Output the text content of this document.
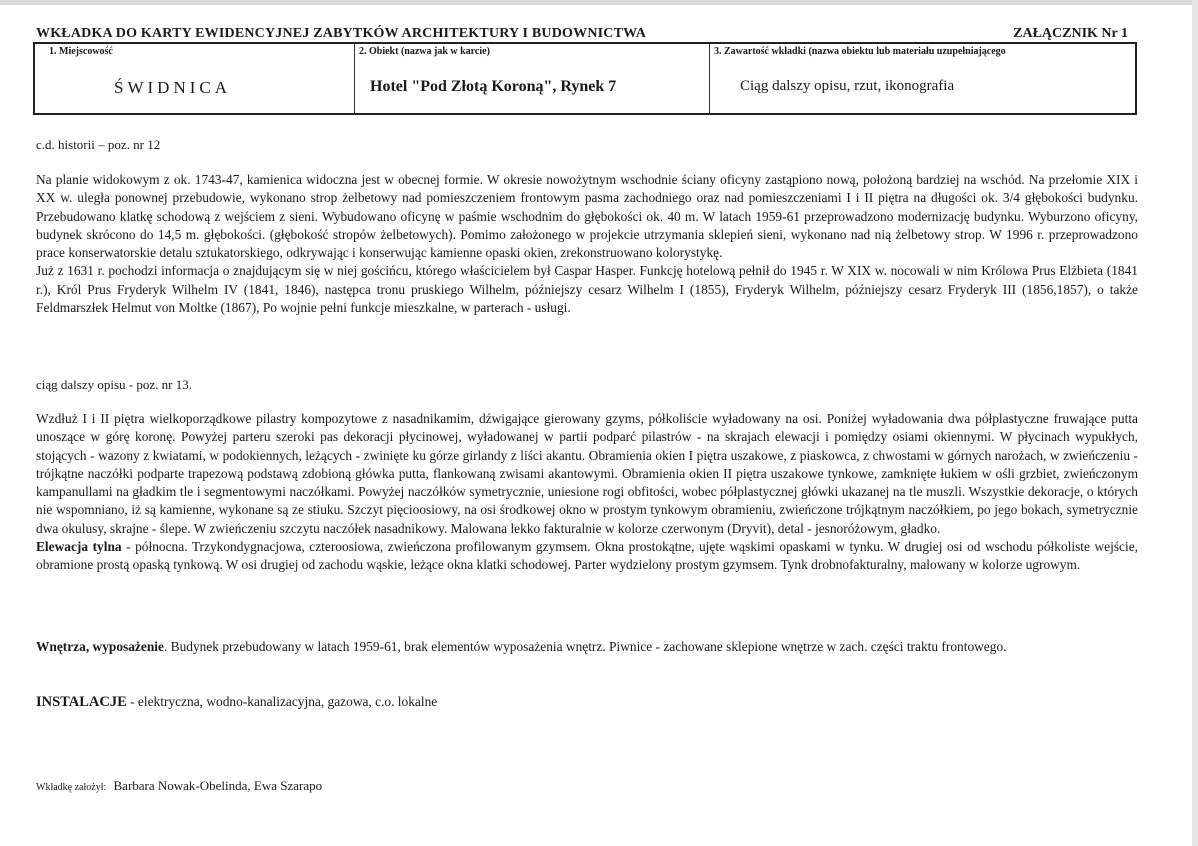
WKŁADKA DO KARTY EWIDENCYJNEJ ZABYTKÓW ARCHITEKTURY I BUDOWNICTWA	ZAŁĄCZNIK Nr 1
1. Miejscowość
ŚWIDNICA
2. Obiekt (nazwa jak w karcie)
Hotel "Pod Złotą Koroną", Rynek 7
3. Zawartość wkładki (nazwa obiektu lub materiału uzupełniającego
Ciąg dalszy opisu, rzut, ikonografia
c.d. historii – poz. nr 12
Na planie widokowym z ok. 1743-47, kamienica widoczna jest w obecnej formie. W okresie nowożytnym wschodnie ściany oficyny zastąpiono nową, położoną bardziej na wschód. Na przełomie XIX i XX w. uległa ponownej przebudowie, wykonano strop żelbetowy nad pomieszczeniem frontowym pasma zachodniego oraz nad pomieszczeniami I i II piętra na długości ok. 3/4 głębokości budynku. Przebudowano klatkę schodową z wejściem z sieni. Wybudowano oficynę w paśmie wschodnim do głębokości ok. 40 m. W latach 1959-61 przeprowadzono modernizację budynku. Wyburzono oficyny, budynek skrócono do 14,5 m. głębokości. (głębokość stropów żelbetowych). Pomimo założonego w projekcie utrzymania sklepień sieni, wykonano nad nią żelbetowy strop. W 1996 r. przeprowadzono prace konserwatorskie detalu sztukatorskiego, odkrywając i konserwując kamienne opaski okien, zrekonstruowano kolorystykę.
Już z 1631 r. pochodzi informacja o znajdującym się w niej gościńcu, którego właścicielem był Caspar Hasper. Funkcję hotelową pełnił do 1945 r. W XIX w. nocowali w nim Królowa Prus Elżbieta (1841 r.), Król Prus Fryderyk Wilhelm IV (1841, 1846), następca tronu pruskiego Wilhelm, późniejszy cesarz Wilhelm I (1855), Fryderyk Wilhelm, późniejszy cesarz Fryderyk III (1856,1857), o także Feldmarszłek Helmut von Moltke (1867), Po wojnie pełni funkcje mieszkalne, w parterach - usługi.
ciąg dalszy opisu - poz. nr 13.
Wzdłuż I i II piętra wielkoporządkowe pilastry kompozytowe z nasadnikamim, dźwigające gierowany gzyms, półkoliście wyładowany na osi. Poniżej wyładowania dwa półplastyczne fruwające putta unoszące w górę koronę. Powyżej parteru szeroki pas dekoracji płycinowej, wyładowanej w partii podparć pilastrów - na skrajach elewacji i pomiędzy osiami okiennymi. W płycinach wypukłych, stojących - wazony z kwiatami, w podokiennych, leżących - zwinięte ku górze girlandy z liści akantu. Obramienia okien I piętra uszakowe, z piaskowca, z chwostami w górnych narożach, w zwieńczeniu - trójkątne naczółki podparte trapezową podstawą zdobioną główka putta, flankowaną zwisami akantowymi. Obramienia okien II piętra uszakowe tynkowe, zamknięte łukiem w ośli grzbiet, zwieńczonym kampanullami na gładkim tle i segmentowymi naczółkami. Powyżej naczółków symetrycznie, uniesione rogi obfitości, wobec półplastycznej główki ukazanej na tle muszli. Wszystkie dekoracje, o których nie wspomniano, iż są kamienne, wykonane są ze stiuku. Szczyt pięcioosiowy, na osi środkowej okno w prostym tynkowym obramieniu, zwieńczone trójkątnym naczółkiem, po jego bokach, symetrycznie dwa okulusy, skrajne - ślepe. W zwieńczeniu szczytu naczółek nasadnikowy. Malowana lekko fakturalnie w kolorze czerwonym (Dryvit), detal - jesnoróżowym, gładko.
Elewacja tylna - północna. Trzykondygnacjowa, czteroosiowa, zwieńczona profilowanym gzymsem. Okna prostokątne, ujęte wąskimi opaskami w tynku. W drugiej osi od wschodu półkoliste wejście, obramione prostą opaską tynkową. W osi drugiej od zachodu wąskie, leżące okna klatki schodowej. Parter wydzielony prostym gzymsem. Tynk drobnofakturalny, malowany w kolorze ugrowym.
Wnętrza, wyposażenie. Budynek przebudowany w latach 1959-61, brak elementów wyposażenia wnętrz. Piwnice - zachowane sklepione wnętrze w zach. części traktu frontowego.
INSTALACJE - elektryczna, wodno-kanalizacyjna, gazowa, c.o. lokalne
Wkładkę założył: Barbara Nowak-Obelinda, Ewa Szarapo
